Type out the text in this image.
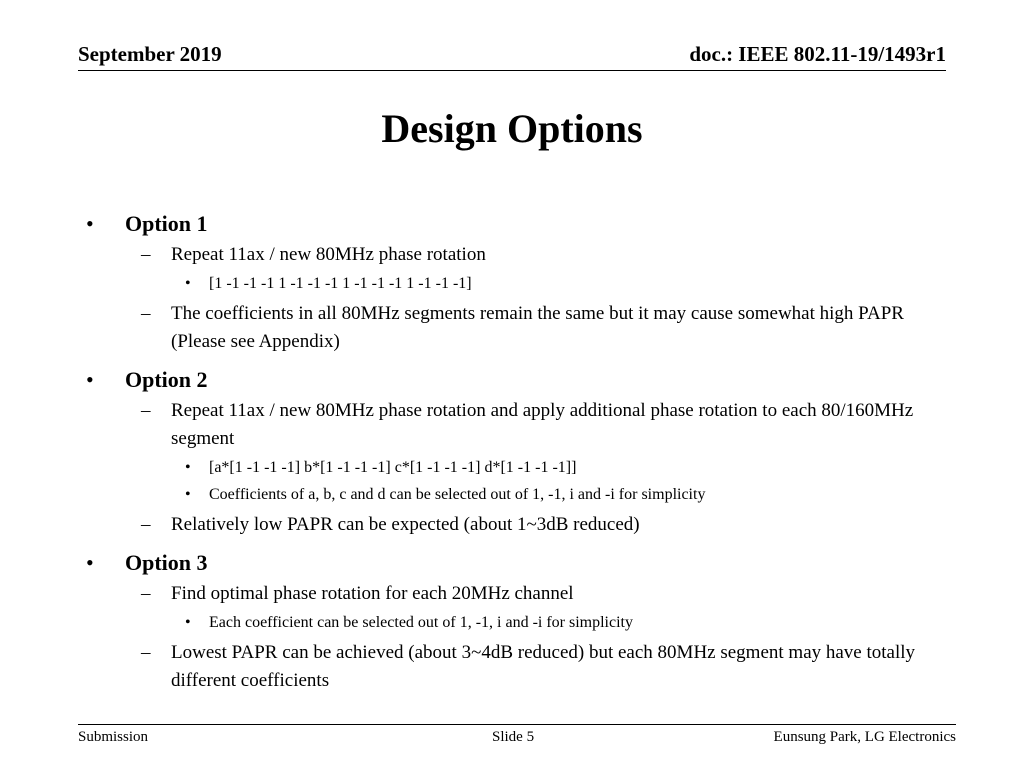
September 2019	doc.: IEEE 802.11-19/1493r1
Design Options
• Option 1
– Repeat 11ax / new 80MHz phase rotation
• [1 -1 -1 -1 1 -1 -1 -1 1 -1 -1 -1 1 -1 -1 -1]
– The coefficients in all 80MHz segments remain the same but it may cause somewhat high PAPR (Please see Appendix)
• Option 2
– Repeat 11ax / new 80MHz phase rotation and apply additional phase rotation to each 80/160MHz segment
• [a*[1 -1 -1 -1] b*[1 -1 -1 -1] c*[1 -1 -1 -1] d*[1 -1 -1 -1]]
• Coefficients of a, b, c and d can be selected out of 1, -1, i and -i for simplicity
– Relatively low PAPR can be expected (about 1~3dB reduced)
• Option 3
– Find optimal phase rotation for each 20MHz channel
• Each coefficient can be selected out of 1, -1, i and -i for simplicity
– Lowest PAPR can be achieved (about 3~4dB reduced) but each 80MHz segment may have totally different coefficients
Submission	Slide 5	Eunsung Park, LG Electronics
